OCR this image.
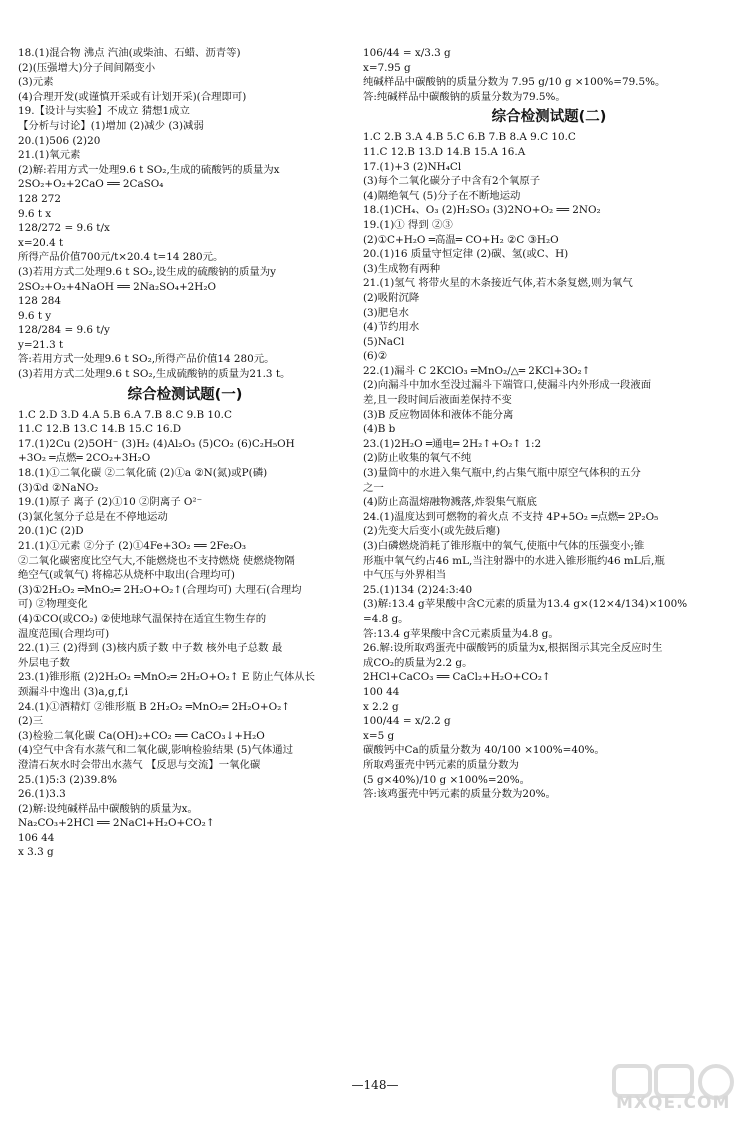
18.(1)混合物 沸点 汽油(或柴油、石蜡、沥青等)
(2)(压强增大)分子间间隔变小
(3)元素
(4)合理开发(或谨慎开采或有计划开采)(合理即可)
19.【设计与实验】不成立 猜想1成立
【分析与讨论】(1)增加 (2)减少 (3)减弱
20.(1)506 (2)20
21.(1)氧元素
(2)解:若用方式一处理9.6 t SO₂,生成的硫酸钙的质量为x
2SO₂+O₂+2CaO ══ 2CaSO₄
128 272
9.6 t x
128/272 = 9.6 t/x
x=20.4 t
所得产品价值700元/t×20.4 t=14 280元。
(3)若用方式二处理9.6 t SO₂,设生成的硫酸钠的质量为y
2SO₂+O₂+4NaOH ══ 2Na₂SO₄+2H₂O
128 284
9.6 t y
128/284 = 9.6 t/y
y=21.3 t
答:若用方式一处理9.6 t SO₂,所得产品价值14 280元。
(3)若用方式二处理9.6 t SO₂,生成硫酸钠的质量为21.3 t。
综合检测试题(一)
1.C 2.D 3.D 4.A 5.B 6.A 7.B 8.C 9.B 10.C
11.C 12.B 13.C 14.B 15.C 16.D
17.(1)2Cu (2)5OH⁻ (3)H₂ (4)Al₂O₃ (5)CO₂ (6)C₂H₅OH
+3O₂ ═点燃═ 2CO₂+3H₂O
18.(1)①二氧化碳 ②二氧化硫 (2)①a ②N(氮)或P(磷)
(3)①d ②NaNO₂
19.(1)原子 离子 (2)①10 ②阴离子 O²⁻
(3)氯化氢分子总是在不停地运动
20.(1)C (2)D
21.(1)①元素 ②分子 (2)①4Fe+3O₂ ══ 2Fe₂O₃
②二氧化碳密度比空气大,不能燃烧也不支持燃烧 使燃烧物隔
绝空气(或氧气) 将棉芯从烧杯中取出(合理均可)
(3)①2H₂O₂ ═MnO₂═ 2H₂O+O₂↑(合理均可) 大理石(合理均
可) ②物理变化
(4)①CO(或CO₂) ②使地球气温保持在适宜生物生存的
温度范围(合理均可)
22.(1)三 (2)得到 (3)核内质子数 中子数 核外电子总数 最
外层电子数
23.(1)锥形瓶 (2)2H₂O₂ ═MnO₂═ 2H₂O+O₂↑ E 防止气体从长
颈漏斗中逸出 (3)a,g,f,i
24.(1)①酒精灯 ②锥形瓶 B 2H₂O₂ ═MnO₂═ 2H₂O+O₂↑
(2)三
(3)检验二氧化碳 Ca(OH)₂+CO₂ ══ CaCO₃↓+H₂O
(4)空气中含有水蒸气和二氧化碳,影响检验结果 (5)气体通过
澄清石灰水时会带出水蒸气 【反思与交流】一氧化碳
25.(1)5:3 (2)39.8%
26.(1)3.3
(2)解:设纯碱样品中碳酸钠的质量为x。
Na₂CO₃+2HCl ══ 2NaCl+H₂O+CO₂↑
106 44
x 3.3 g
106/44 = x/3.3 g
x=7.95 g
纯碱样品中碳酸钠的质量分数为 7.95 g/10 g ×100%=79.5%。
答:纯碱样品中碳酸钠的质量分数为79.5%。
综合检测试题(二)
1.C 2.B 3.A 4.B 5.C 6.B 7.B 8.A 9.C 10.C
11.C 12.B 13.D 14.B 15.A 16.A
17.(1)+3 (2)NH₄Cl
(3)每个二氧化碳分子中含有2个氧原子
(4)隔绝氧气 (5)分子在不断地运动
18.(1)CH₄、O₃ (2)H₂SO₃ (3)2NO+O₂ ══ 2NO₂
19.(1)① 得到 ②③
(2)①C+H₂O ═高温═ CO+H₂ ②C ③H₂O
20.(1)16 质量守恒定律 (2)碳、氢(或C、H)
(3)生成物有两种
21.(1)氢气 将带火星的木条接近气体,若木条复燃,则为氧气
(2)吸附沉降
(3)肥皂水
(4)节约用水
(5)NaCl
(6)②
22.(1)漏斗 C 2KClO₃ ═MnO₂/△═ 2KCl+3O₂↑
(2)向漏斗中加水至没过漏斗下端管口,使漏斗内外形成一段液面
差,且一段时间后液面差保持不变
(3)B 反应物固体和液体不能分离
(4)B b
23.(1)2H₂O ═通电═ 2H₂↑+O₂↑ 1:2
(2)防止收集的氧气不纯
(3)量筒中的水进入集气瓶中,约占集气瓶中原空气体积的五分
之一
(4)防止高温熔融物溅落,炸裂集气瓶底
24.(1)温度达到可燃物的着火点 不支持 4P+5O₂ ═点燃═ 2P₂O₅
(2)先变大后变小(或先鼓后瘪)
(3)白磷燃烧消耗了锥形瓶中的氧气,使瓶中气体的压强变小;锥
形瓶中氧气约占46 mL,当注射器中的水进入锥形瓶约46 mL后,瓶
中气压与外界相当
25.(1)134 (2)24:3:40
(3)解:13.4 g苹果酸中含C元素的质量为13.4 g×(12×4/134)×100%
=4.8 g。
答:13.4 g苹果酸中含C元素质量为4.8 g。
26.解:设所取鸡蛋壳中碳酸钙的质量为x,根据图示其完全反应时生
成CO₂的质量为2.2 g。
2HCl+CaCO₃ ══ CaCl₂+H₂O+CO₂↑
100 44
x 2.2 g
100/44 = x/2.2 g
x=5 g
碳酸钙中Ca的质量分数为 40/100 ×100%=40%。
所取鸡蛋壳中钙元素的质量分数为
(5 g×40%)/10 g ×100%=20%。
答:该鸡蛋壳中钙元素的质量分数为20%。
—148—
MXQE.COM
